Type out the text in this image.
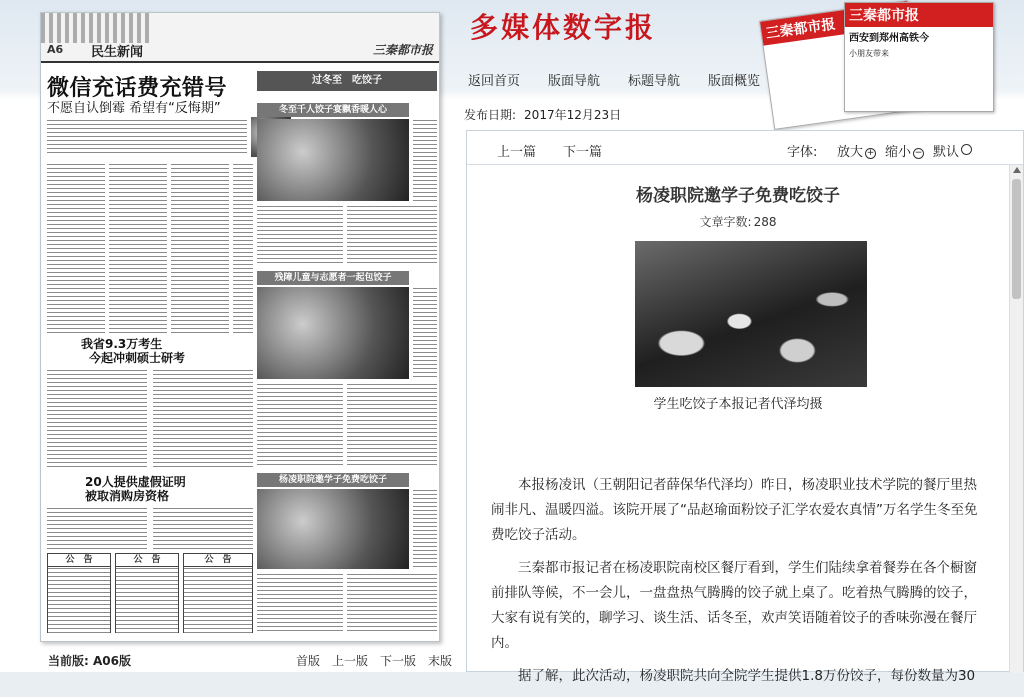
A6 民生新闻	三秦都市报
微信充话费充错号
不愿自认倒霉 希望有“反悔期”
我省9.3万考生
今起冲刺硕士研考
20人提供虚假证明
被取消购房资格
公　告	公　告	公　告
过冬至　吃饺子
冬至千人饺子宴飘香暖人心
残障儿童与志愿者一起包饺子
杨凌职院邀学子免费吃饺子
多媒体数字报	三秦都市报
三秦都市报
西安到郑州高铁今
小朋友带来
返回首页	版面导航	标题导航	版面概览
发布日期: 2017年12月23日
上一篇 下一篇	字体: 放大 + 缩小 − 默认
杨凌职院邀学子免费吃饺子
文章字数: 288
学生吃饺子本报记者代泽均摄

本报杨凌讯（王朝阳记者薛保华代泽均）昨日，杨凌职业技术学院的餐厅里热闹非凡、温暖四溢。该院开展了“品赵瑜面粉饺子汇学农爱农真情”万名学生冬至免费吃饺子活动。

三秦都市报记者在杨凌职院南校区餐厅看到，学生们陆续拿着餐券在各个橱窗前排队等候，不一会儿，一盘盘热气腾腾的饺子就上桌了。吃着热气腾腾的饺子，大家有说有笑的，聊学习、谈生活、话冬至，欢声笑语随着饺子的香味弥漫在餐厅内。

据了解，此次活动，杨凌职院共向全院学生提供1.8万份饺子，每份数量为30

当前版: A06版	首版 上一版 下一版 末版
